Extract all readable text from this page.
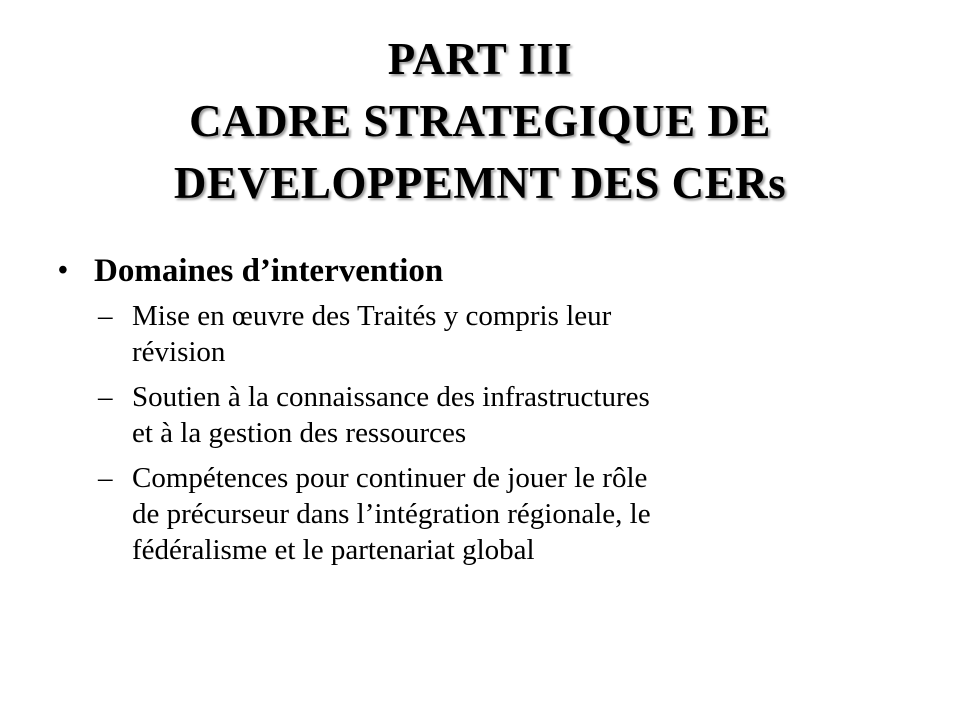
PART III
CADRE STRATEGIQUE DE
DEVELOPPEMNT DES CERs
• Domaines d’intervention
– Mise en œuvre des Traités y compris leur
révision
– Soutien à la connaissance des infrastructures
et à la gestion des ressources
– Compétences pour continuer de jouer le rôle
de précurseur dans l’intégration régionale, le
fédéralisme et le partenariat global
